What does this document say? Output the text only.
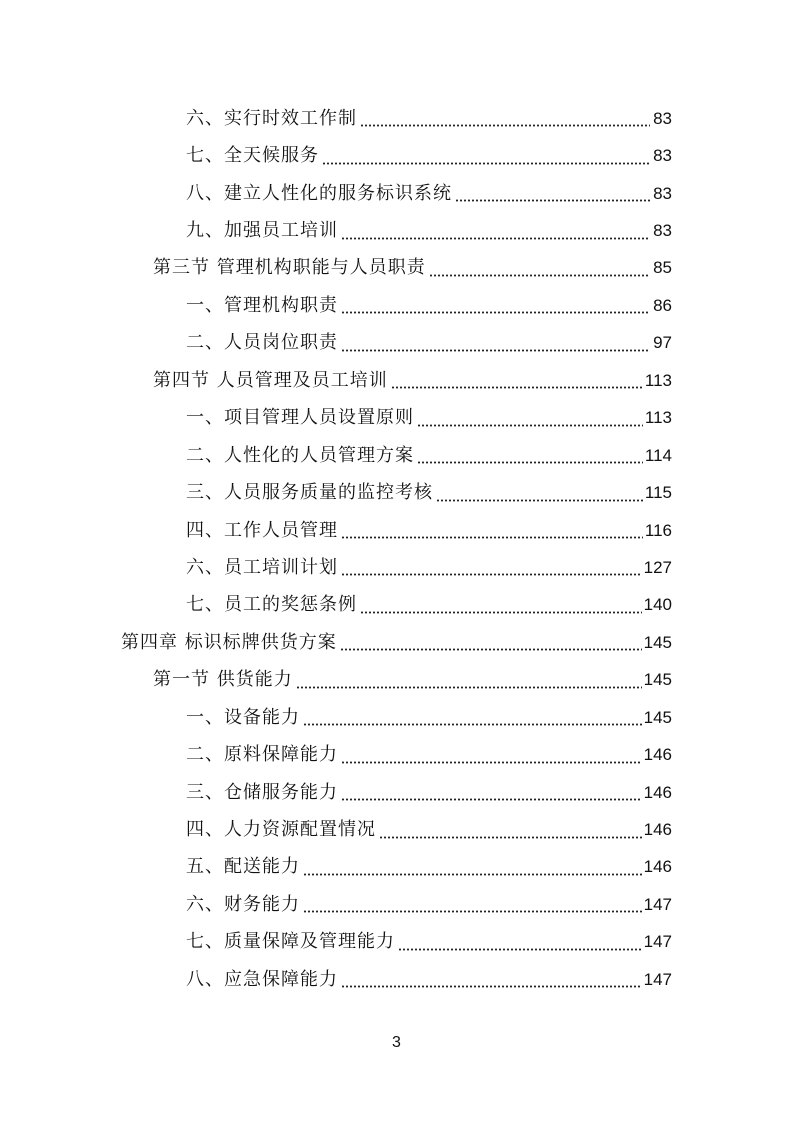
六、实行时效工作制	83
七、全天候服务	83
八、建立人性化的服务标识系统	83
九、加强员工培训	83
第三节 管理机构职能与人员职责	85
一、管理机构职责	86
二、人员岗位职责	97
第四节 人员管理及员工培训	113
一、项目管理人员设置原则	113
二、人性化的人员管理方案	114
三、人员服务质量的监控考核	115
四、工作人员管理	116
六、员工培训计划	127
七、员工的奖惩条例	140
第四章 标识标牌供货方案	145
第一节 供货能力	145
一、设备能力	145
二、原料保障能力	146
三、仓储服务能力	146
四、人力资源配置情况	146
五、配送能力	146
六、财务能力	147
七、质量保障及管理能力	147
八、应急保障能力	147
3
